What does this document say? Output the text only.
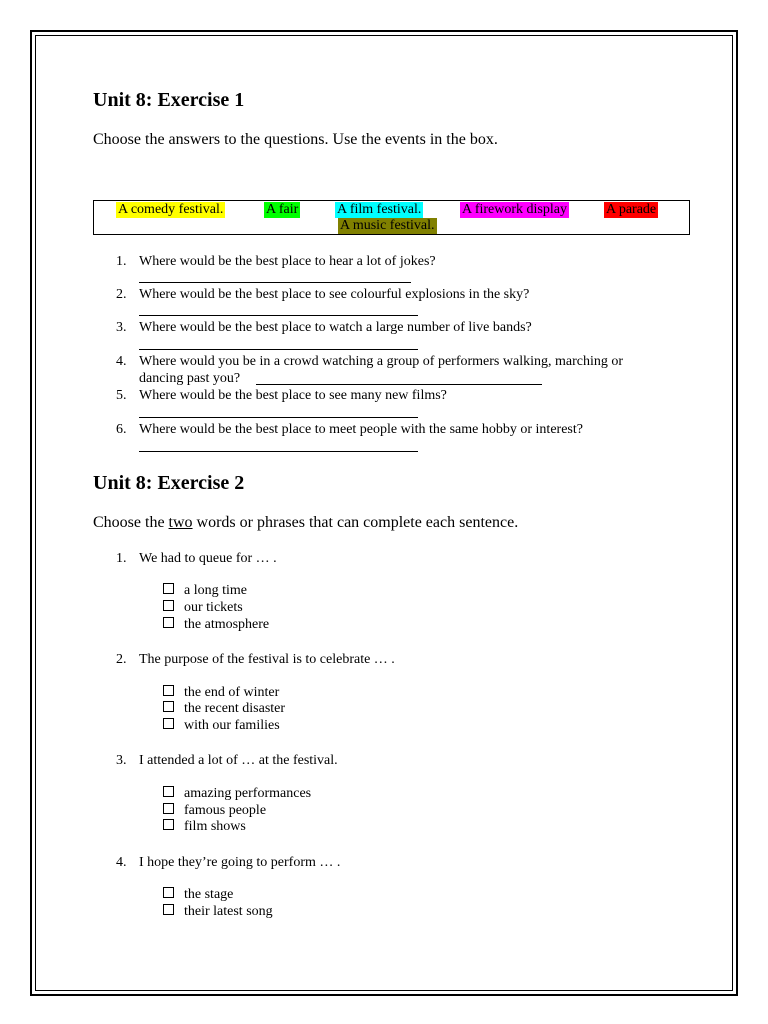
Unit 8: Exercise 1
Choose the answers to the questions. Use the events in the box.
A comedy festival.	A fair	A film festival.	A firework display	A parade
A music festival.
1. Where would be the best place to hear a lot of jokes?
2. Where would be the best place to see colourful explosions in the sky?
3. Where would be the best place to watch a large number of live bands?
4. Where would you be in a crowd watching a group of performers walking, marching or
dancing past you?
5. Where would be the best place to see many new films?
6. Where would be the best place to meet people with the same hobby or interest?
Unit 8: Exercise 2
Choose the two words or phrases that can complete each sentence.
1. We had to queue for … .
a long time
our tickets
the atmosphere
2. The purpose of the festival is to celebrate … .
the end of winter
the recent disaster
with our families
3. I attended a lot of … at the festival.
amazing performances
famous people
film shows
4. I hope they’re going to perform … .
the stage
their latest song
